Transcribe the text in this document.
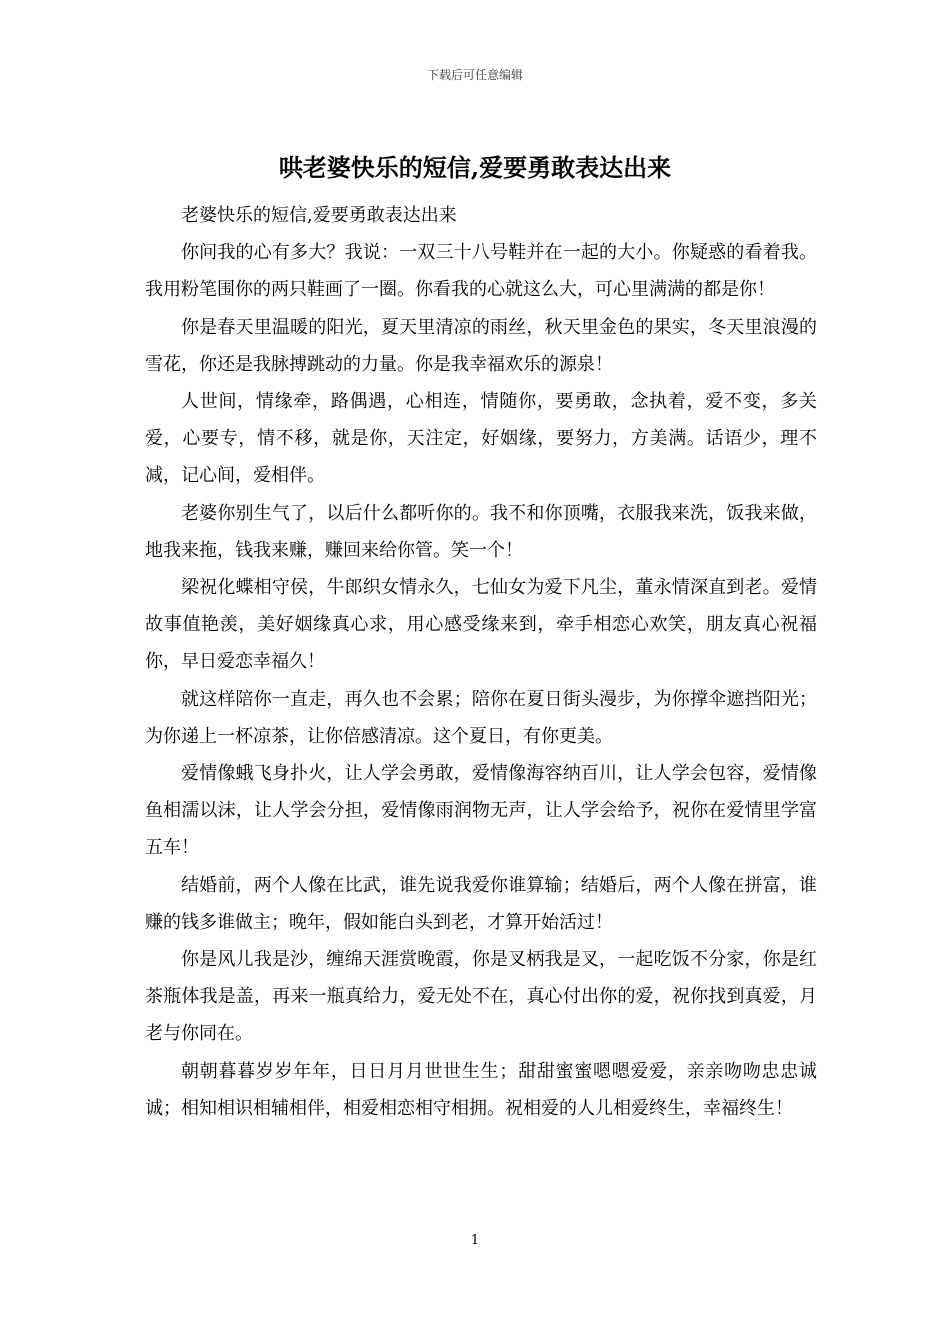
下载后可任意编辑
哄老婆快乐的短信,爱要勇敢表达出来

老婆快乐的短信,爱要勇敢表达出来

你问我的心有多大？我说：一双三十八号鞋并在一起的大小。你疑惑的看着我。我用粉笔围你的两只鞋画了一圈。你看我的心就这么大，可心里满满的都是你！

你是春天里温暖的阳光，夏天里清凉的雨丝，秋天里金色的果实，冬天里浪漫的雪花，你还是我脉搏跳动的力量。你是我幸福欢乐的源泉！

人世间，情缘牵，路偶遇，心相连，情随你，要勇敢，念执着，爱不变，多关爱，心要专，情不移，就是你，天注定，好姻缘，要努力，方美满。话语少，理不减，记心间，爱相伴。

老婆你别生气了，以后什么都听你的。我不和你顶嘴，衣服我来洗，饭我来做，地我来拖，钱我来赚，赚回来给你管。笑一个！

梁祝化蝶相守侯，牛郎织女情永久，七仙女为爱下凡尘，董永情深直到老。爱情故事值艳羡，美好姻缘真心求，用心感受缘来到，牵手相恋心欢笑，朋友真心祝福你，早日爱恋幸福久！

就这样陪你一直走，再久也不会累；陪你在夏日街头漫步，为你撑伞遮挡阳光；为你递上一杯凉茶，让你倍感清凉。这个夏日，有你更美。

爱情像蛾飞身扑火，让人学会勇敢，爱情像海容纳百川，让人学会包容，爱情像鱼相濡以沫，让人学会分担，爱情像雨润物无声，让人学会给予，祝你在爱情里学富五车！

结婚前，两个人像在比武，谁先说我爱你谁算输；结婚后，两个人像在拼富，谁赚的钱多谁做主；晚年，假如能白头到老，才算开始活过！

你是风儿我是沙，缠绵天涯赏晚霞，你是叉柄我是叉，一起吃饭不分家，你是红茶瓶体我是盖，再来一瓶真给力，爱无处不在，真心付出你的爱，祝你找到真爱，月老与你同在。

朝朝暮暮岁岁年年，日日月月世世生生；甜甜蜜蜜嗯嗯爱爱，亲亲吻吻忠忠诚诚；相知相识相辅相伴，相爱相恋相守相拥。祝相爱的人儿相爱终生，幸福终生！

1
